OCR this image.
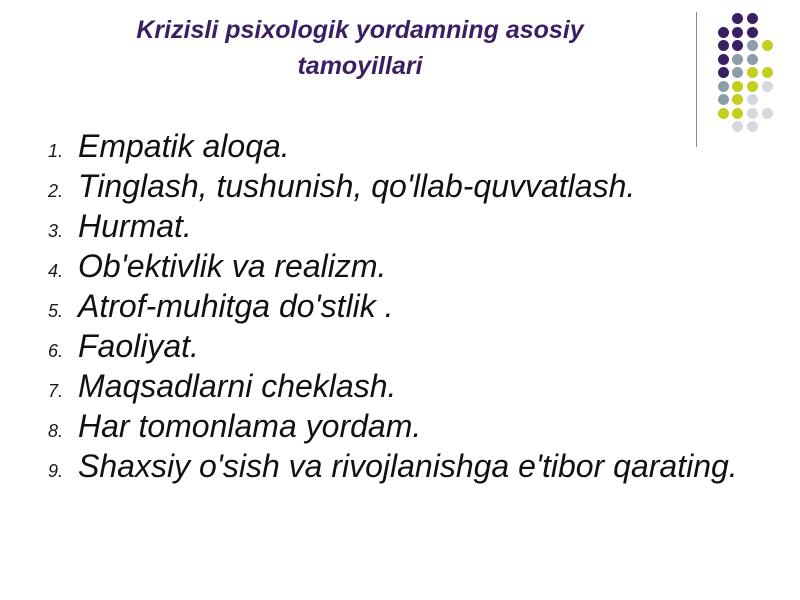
Krizisli psixologik yordamning asosiy
tamoyillari
1. Empatik aloqa.
2. Tinglash, tushunish, qo'llab-quvvatlash.
3. Hurmat.
4. Ob'ektivlik va realizm.
5. Atrof-muhitga do'stlik .
6. Faoliyat.
7. Maqsadlarni cheklash.
8. Har tomonlama yordam.
9. Shaxsiy o'sish va rivojlanishga e'tibor qarating.
